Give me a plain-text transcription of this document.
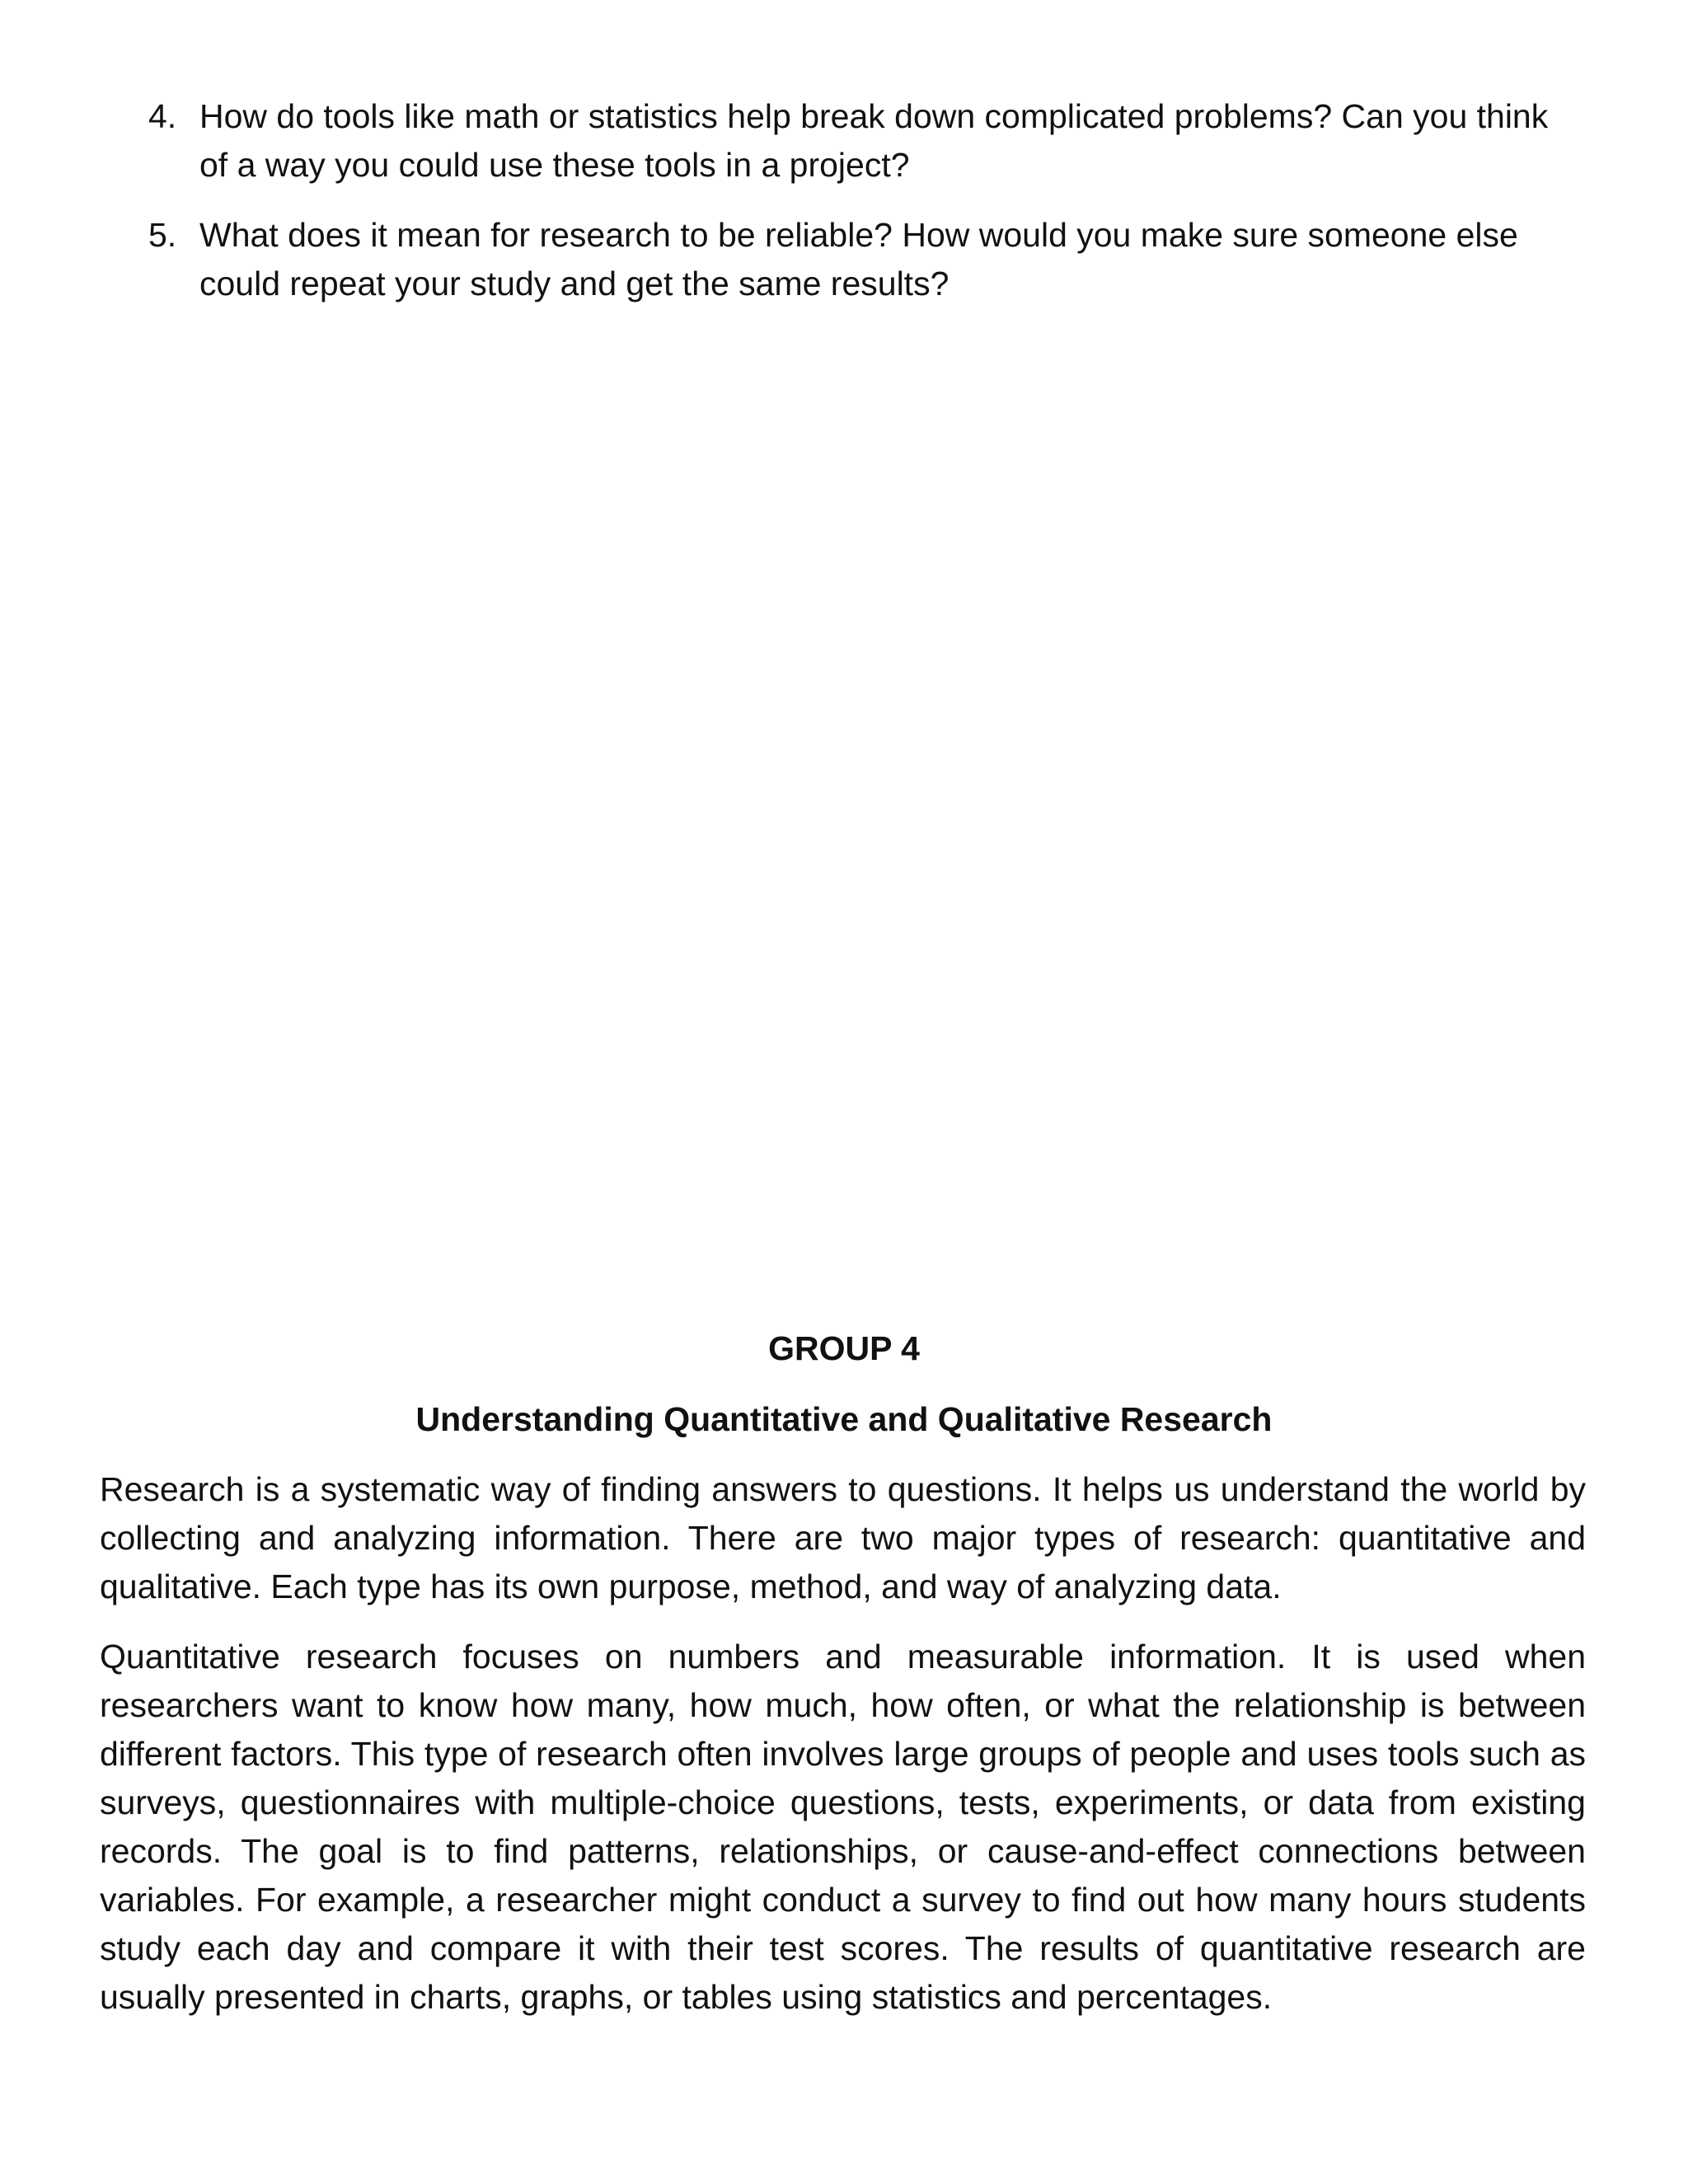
4. How do tools like math or statistics help break down complicated problems? Can you think of a way you could use these tools in a project?
5. What does it mean for research to be reliable? How would you make sure someone else could repeat your study and get the same results?
GROUP 4
Understanding Quantitative and Qualitative Research

Research is a systematic way of finding answers to questions. It helps us understand the world by collecting and analyzing information. There are two major types of research: quantitative and qualitative. Each type has its own purpose, method, and way of analyzing data.

Quantitative research focuses on numbers and measurable information. It is used when researchers want to know how many, how much, how often, or what the relationship is between different factors. This type of research often involves large groups of people and uses tools such as surveys, questionnaires with multiple-choice questions, tests, experiments, or data from existing records. The goal is to find patterns, relationships, or cause-and-effect connections between variables. For example, a researcher might conduct a survey to find out how many hours students study each day and compare it with their test scores. The results of quantitative research are usually presented in charts, graphs, or tables using statistics and percentages.
